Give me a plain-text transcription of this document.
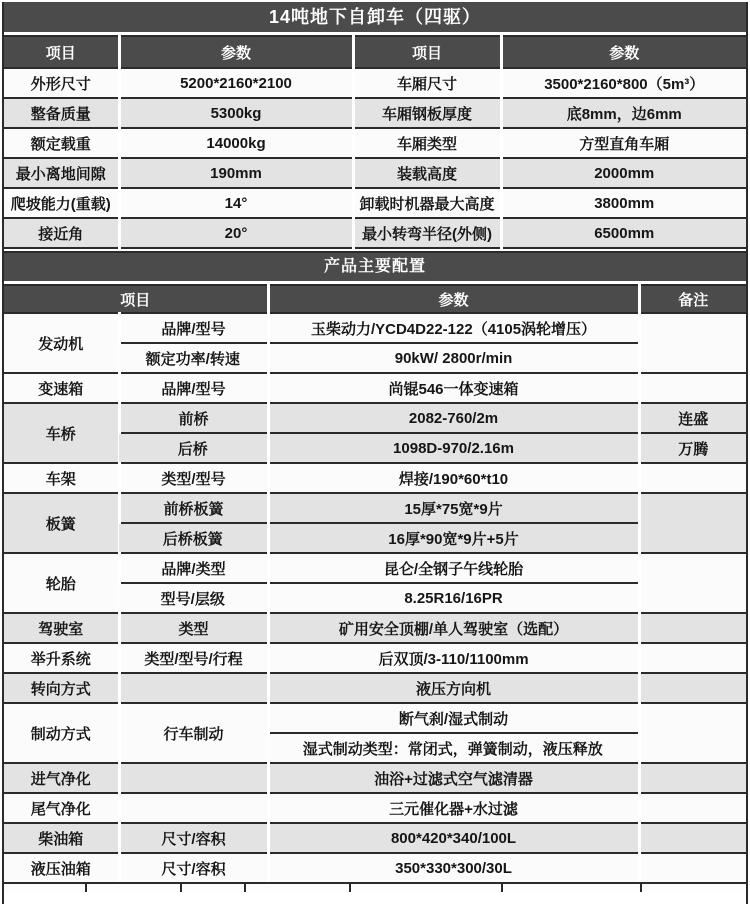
14吨地下自卸车（四驱）
项目	参数	项目	参数
外形尺寸	5200*2160*2100	车厢尺寸	3500*2160*800（5m³）
整备质量	5300kg	车厢钢板厚度	底8mm，边6mm
额定载重	14000kg	车厢类型	方型直角车厢
最小离地间隙	190mm	装载高度	2000mm
爬坡能力(重载)	14°	卸载时机器最大高度	3800mm
接近角	20°	最小转弯半径(外侧)	6500mm
产品主要配置
项目		参数	备注
发动机	品牌/型号	玉柴动力/YCD4D22-122（4105涡轮增压）	
	额定功率/转速	90kW/ 2800r/min	
变速箱	品牌/型号	尚锟546一体变速箱	
车桥	前桥	2082-760/2m	连盛
	后桥	1098D-970/2.16m	万腾
车架	类型/型号	焊接/190*60*t10	
板簧	前桥板簧	15厚*75宽*9片	
	后桥板簧	16厚*90宽*9片+5片	
轮胎	品牌/类型	昆仑/全钢子午线轮胎	
	型号/层级	8.25R16/16PR	
驾驶室	类型	矿用安全顶棚/单人驾驶室（选配）	
举升系统	类型/型号/行程	后双顶/3-110/1100mm	
转向方式		液压方向机	
制动方式	行车制动	断气刹/湿式制动	
		湿式制动类型：常闭式，弹簧制动，液压释放	
进气净化		油浴+过滤式空气滤清器	
尾气净化		三元催化器+水过滤	
柴油箱	尺寸/容积	800*420*340/100L	
液压油箱	尺寸/容积	350*330*300/30L	
